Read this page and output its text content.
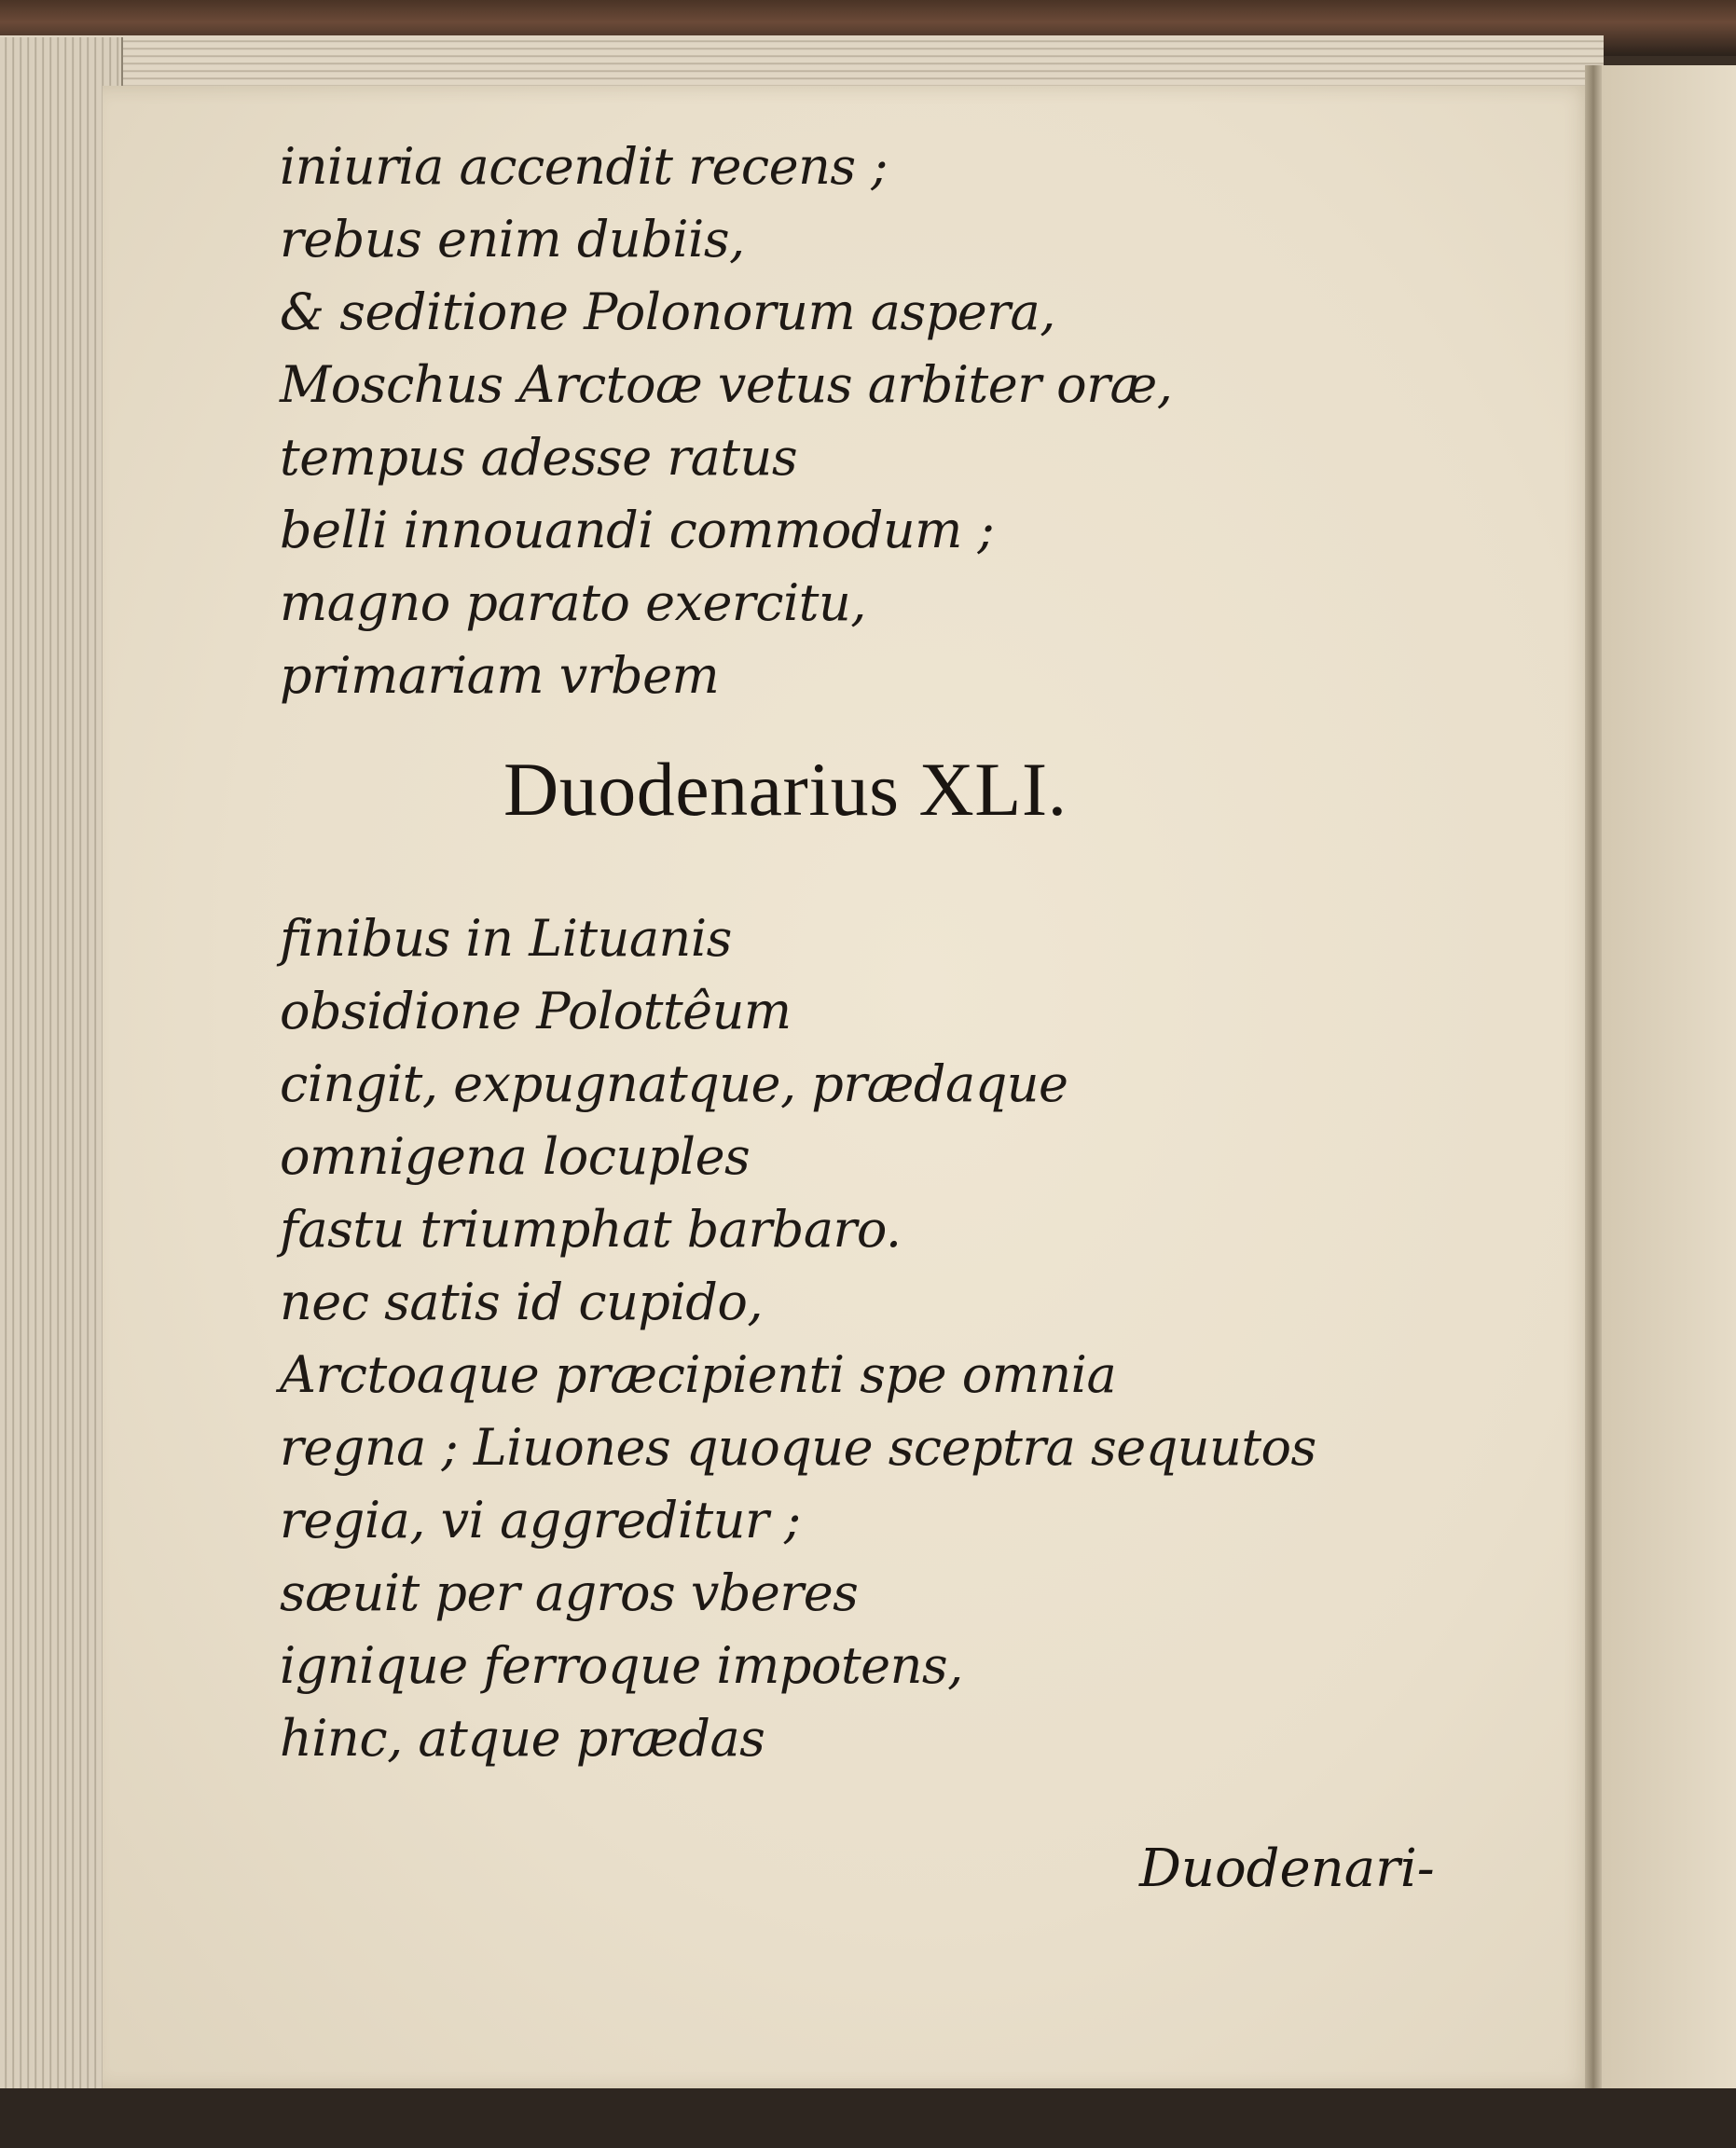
iniuria accendit recens ;

rebus enim dubiis,

& seditione Polonorum aspera,

Moschus Arctoæ vetus arbiter oræ,

tempus adesse ratus

belli innouandi commodum ;

magno parato exercitu,

primariam vrbem

Duodenarius XLI.

finibus in Lituanis

obsidione Polottêum

cingit, expugnatque, prædaque

omnigena locuples

fastu triumphat barbaro.

nec satis id cupido,

Arctoaque præcipienti spe omnia

regna ; Liuones quoque sceptra sequutos

regia, vi aggreditur ;

sæuit per agros vberes

ignique ferroque impotens,

hinc, atque prædas

Duodenari-
